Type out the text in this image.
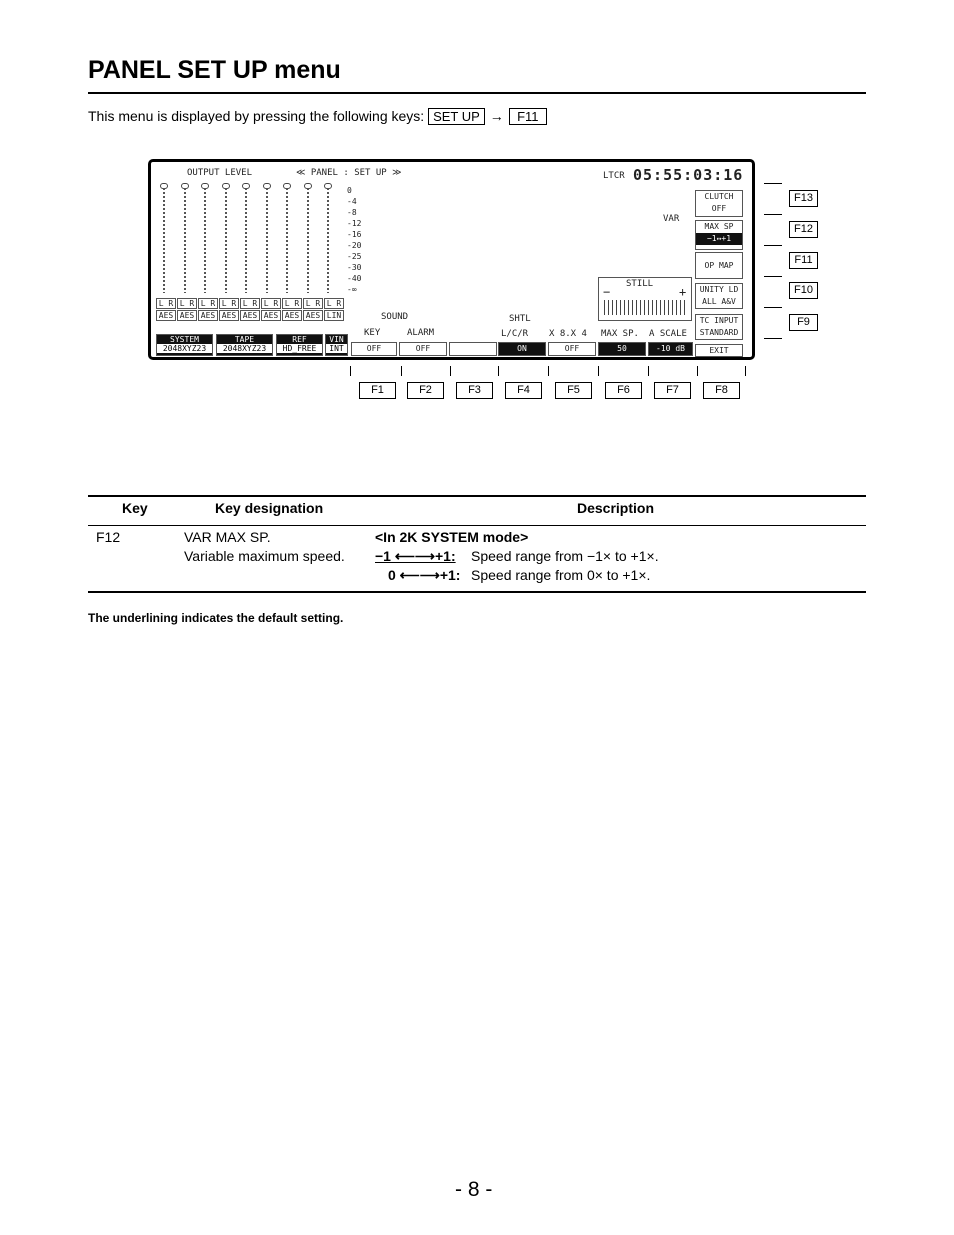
PANEL SET UP menu
This menu is displayed by pressing the following keys: SET UP → F11
OUTPUT LEVEL	≪ PANEL : SET UP ≫	LTCR 05:55:03:16
0
-4
-8
-12
-16
-20
-25
-30
-40
-∞
L R L R L R L R L R L R L R L R L R
AES AES AES AES AES AES AES AES LIN
SYSTEM
2048XYZ23
TAPE
2048XYZ23
REF
HD_FREE
VIN
INT
SOUND
KEY	ALARM
OFF	OFF
SHTL
L/C/R X 8.X 4 MAX SP. A SCALE
ON	OFF	50	-10 dB
STILL
−	+
VAR
CLUTCH
OFF
MAX SP
−1↔+1
OP MAP
UNITY LD
ALL A&V
TC INPUT
STANDARD
EXIT
F1	F2	F3	F4	F5	F6	F7	F8
F13
F12
F11
F10
F9
Key	Key designation	Description
F12	VAR MAX SP.
Variable maximum speed.
<In 2K SYSTEM mode>
−1 ⟵⟶+1: Speed range from −1× to +1×.
0 ⟵⟶+1: Speed range from 0× to +1×.
The underlining indicates the default setting.
- 8 -
